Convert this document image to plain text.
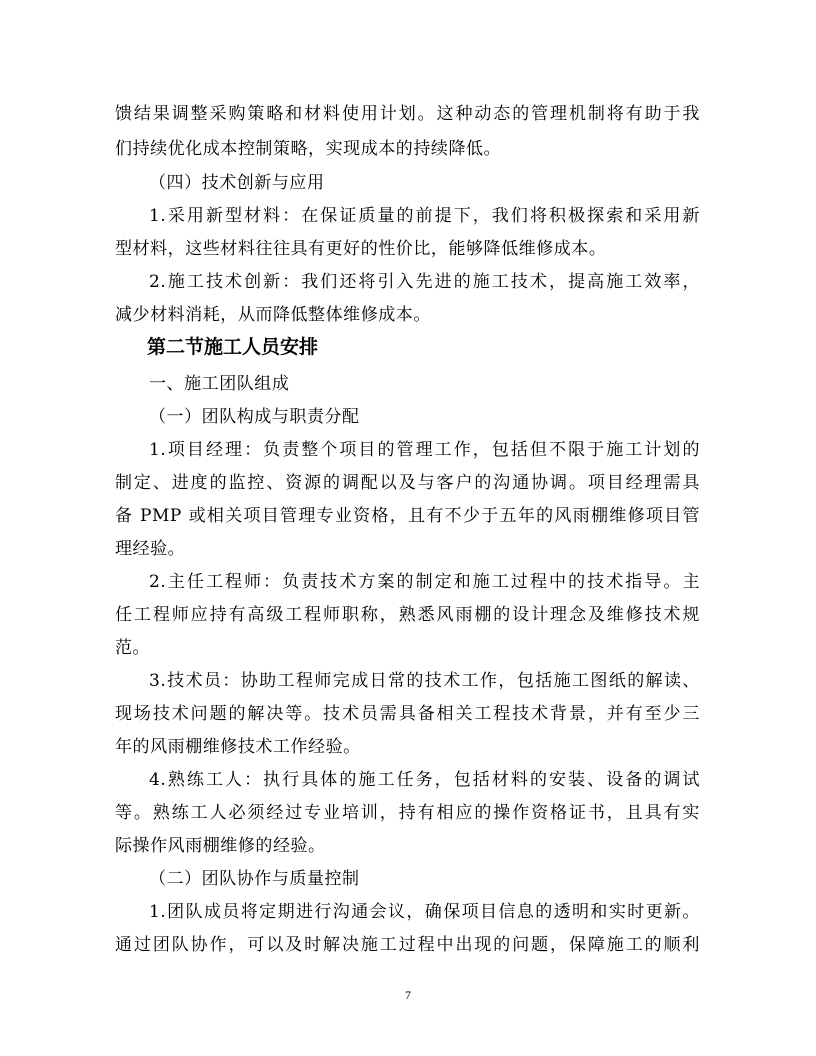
馈结果调整采购策略和材料使用计划。这种动态的管理机制将有助于我
们持续优化成本控制策略，实现成本的持续降低。
（四）技术创新与应用
1.采用新型材料：在保证质量的前提下，我们将积极探索和采用新
型材料，这些材料往往具有更好的性价比，能够降低维修成本。
2.施工技术创新：我们还将引入先进的施工技术，提高施工效率，
减少材料消耗，从而降低整体维修成本。
第二节施工人员安排
一、施工团队组成
（一）团队构成与职责分配
1.项目经理：负责整个项目的管理工作，包括但不限于施工计划的
制定、进度的监控、资源的调配以及与客户的沟通协调。项目经理需具
备 PMP 或相关项目管理专业资格，且有不少于五年的风雨棚维修项目管
理经验。
2.主任工程师：负责技术方案的制定和施工过程中的技术指导。主
任工程师应持有高级工程师职称，熟悉风雨棚的设计理念及维修技术规
范。
3.技术员：协助工程师完成日常的技术工作，包括施工图纸的解读、
现场技术问题的解决等。技术员需具备相关工程技术背景，并有至少三
年的风雨棚维修技术工作经验。
4.熟练工人：执行具体的施工任务，包括材料的安装、设备的调试
等。熟练工人必须经过专业培训，持有相应的操作资格证书，且具有实
际操作风雨棚维修的经验。
（二）团队协作与质量控制
1.团队成员将定期进行沟通会议，确保项目信息的透明和实时更新。
通过团队协作，可以及时解决施工过程中出现的问题，保障施工的顺利
7
